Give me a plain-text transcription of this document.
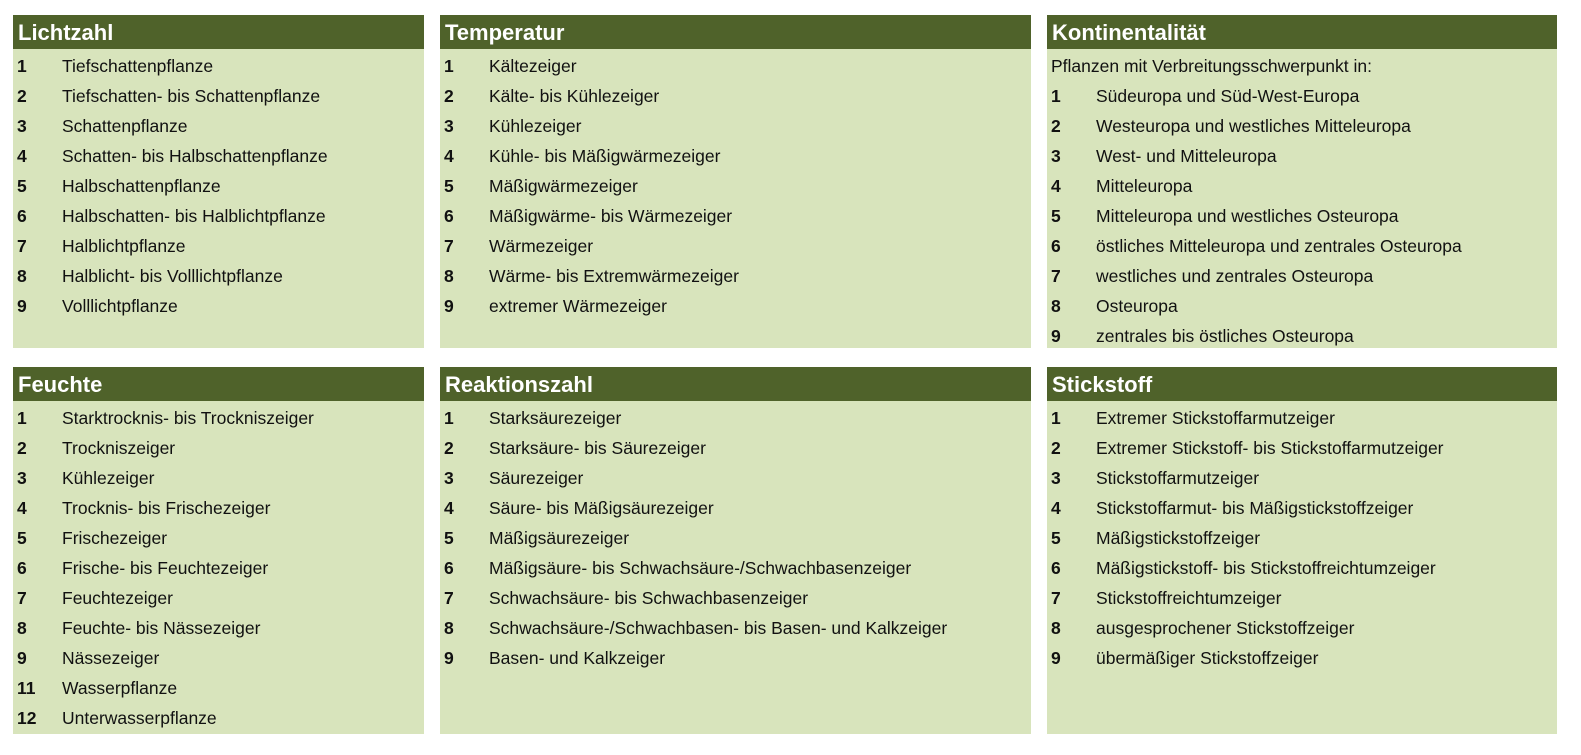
Lichtzahl
1	Tiefschattenpflanze
2	Tiefschatten- bis Schattenpflanze
3	Schattenpflanze
4	Schatten- bis Halbschattenpflanze
5	Halbschattenpflanze
6	Halbschatten- bis Halblichtpflanze
7	Halblichtpflanze
8	Halblicht- bis Volllichtpflanze
9	Volllichtpflanze
Temperatur
1	Kältezeiger
2	Kälte- bis Kühlezeiger
3	Kühlezeiger
4	Kühle- bis Mäßigwärmezeiger
5	Mäßigwärmezeiger
6	Mäßigwärme- bis Wärmezeiger
7	Wärmezeiger
8	Wärme- bis Extremwärmezeiger
9	extremer Wärmezeiger
Kontinentalität
Pflanzen mit Verbreitungsschwerpunkt in:
1	Südeuropa und Süd-West-Europa
2	Westeuropa und westliches Mitteleuropa
3	West- und Mitteleuropa
4	Mitteleuropa
5	Mitteleuropa und westliches Osteuropa
6	östliches Mitteleuropa und zentrales Osteuropa
7	westliches und zentrales Osteuropa
8	Osteuropa
9	zentrales bis östliches Osteuropa
Feuchte
1	Starktrocknis- bis Trockniszeiger
2	Trockniszeiger
3	Kühlezeiger
4	Trocknis- bis Frischezeiger
5	Frischezeiger
6	Frische- bis Feuchtezeiger
7	Feuchtezeiger
8	Feuchte- bis Nässezeiger
9	Nässezeiger
11	Wasserpflanze
12	Unterwasserpflanze
Reaktionszahl
1	Starksäurezeiger
2	Starksäure- bis Säurezeiger
3	Säurezeiger
4	Säure- bis Mäßigsäurezeiger
5	Mäßigsäurezeiger
6	Mäßigsäure- bis Schwachsäure-/Schwachbasenzeiger
7	Schwachsäure- bis Schwachbasenzeiger
8	Schwachsäure-/Schwachbasen- bis Basen- und Kalkzeiger
9	Basen- und Kalkzeiger
Stickstoff
1	Extremer Stickstoffarmutzeiger
2	Extremer Stickstoff- bis Stickstoffarmutzeiger
3	Stickstoffarmutzeiger
4	Stickstoffarmut- bis Mäßigstickstoffzeiger
5	Mäßigstickstoffzeiger
6	Mäßigstickstoff- bis Stickstoffreichtumzeiger
7	Stickstoffreichtumzeiger
8	ausgesprochener Stickstoffzeiger
9	übermäßiger Stickstoffzeiger
